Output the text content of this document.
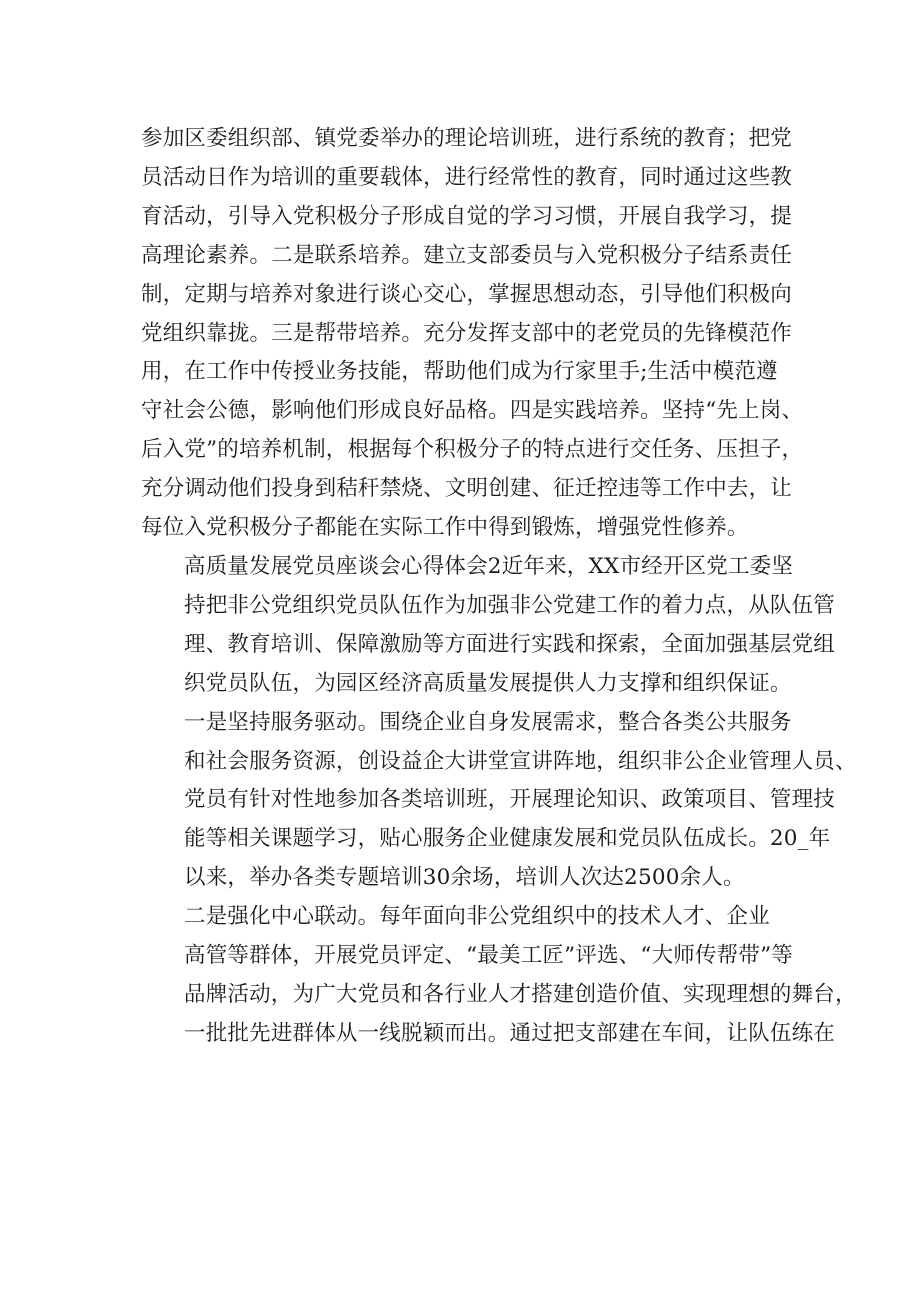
参加区委组织部、镇党委举办的理论培训班，进行系统的教育；把党
员活动日作为培训的重要载体，进行经常性的教育，同时通过这些教
育活动，引导入党积极分子形成自觉的学习习惯，开展自我学习，提
高理论素养。二是联系培养。建立支部委员与入党积极分子结系责任
制，定期与培养对象进行谈心交心，掌握思想动态，引导他们积极向
党组织靠拢。三是帮带培养。充分发挥支部中的老党员的先锋模范作
用，在工作中传授业务技能，帮助他们成为行家里手;生活中模范遵
守社会公德，影响他们形成良好品格。四是实践培养。坚持“先上岗、
后入党”的培养机制，根据每个积极分子的特点进行交任务、压担子，
充分调动他们投身到秸秆禁烧、文明创建、征迁控违等工作中去，让
每位入党积极分子都能在实际工作中得到锻炼，增强党性修养。

高质量发展党员座谈会心得体会2近年来，XX市经开区党工委坚
持把非公党组织党员队伍作为加强非公党建工作的着力点，从队伍管
理、教育培训、保障激励等方面进行实践和探索，全面加强基层党组
织党员队伍，为园区经济高质量发展提供人力支撑和组织保证。

一是坚持服务驱动。围绕企业自身发展需求，整合各类公共服务
和社会服务资源，创设益企大讲堂宣讲阵地，组织非公企业管理人员、
党员有针对性地参加各类培训班，开展理论知识、政策项目、管理技
能等相关课题学习，贴心服务企业健康发展和党员队伍成长。20_年
以来，举办各类专题培训30余场，培训人次达2500余人。

二是强化中心联动。每年面向非公党组织中的技术人才、企业
高管等群体，开展党员评定、“最美工匠”评选、“大师传帮带”等
品牌活动，为广大党员和各行业人才搭建创造价值、实现理想的舞台，
一批批先进群体从一线脱颖而出。通过把支部建在车间，让队伍练在
